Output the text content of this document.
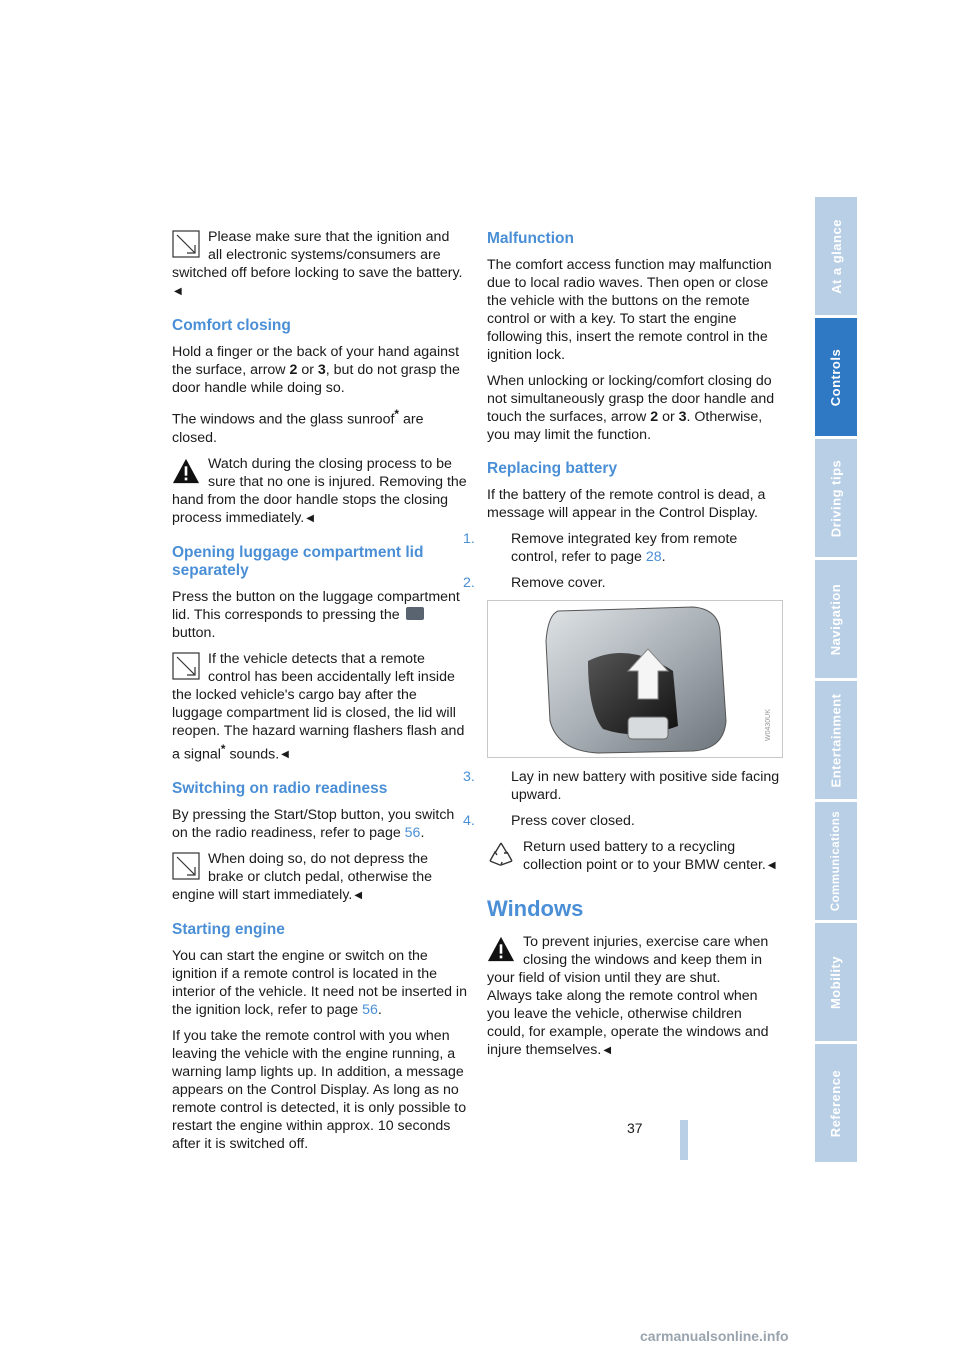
Please make sure that the ignition and all electronic systems/consumers are switched off before locking to save the battery.◀
Comfort closing

Hold a finger or the back of your hand against the surface, arrow 2 or 3, but do not grasp the door handle while doing so.

The windows and the glass sunroof* are closed.

Watch during the closing process to be sure that no one is injured. Removing the hand from the door handle stops the closing process immediately. ◀
Opening luggage compartment lid separately

Press the button on the luggage compartment lid. This corresponds to pressing the  button.

If the vehicle detects that a remote control has been accidentally left inside the locked vehicle's cargo bay after the luggage compartment lid is closed, the lid will reopen. The hazard warning flashers flash and a signal* sounds. ◀
Switching on radio readiness

By pressing the Start/Stop button, you switch on the radio readiness, refer to page 56.

When doing so, do not depress the brake or clutch pedal, otherwise the engine will start immediately. ◀
Starting engine

You can start the engine or switch on the ignition if a remote control is located in the interior of the vehicle. It need not be inserted in the ignition lock, refer to page 56.

If you take the remote control with you when leaving the vehicle with the engine running, a warning lamp lights up. In addition, a message appears on the Control Display. As long as no remote control is detected, it is only possible to restart the engine within approx. 10 seconds after it is switched off.

Malfunction

The comfort access function may malfunction due to local radio waves. Then open or close the vehicle with the buttons on the remote control or with a key. To start the engine following this, insert the remote control in the ignition lock.

When unlocking or locking/comfort closing do not simultaneously grasp the door handle and touch the surfaces, arrow 2 or 3. Otherwise, you may limit the function.

Replacing battery

If the battery of the remote control is dead, a message will appear in the Control Display.

1.	Remove integrated key from remote control, refer to page 28.

2.	Remove cover.

W0430UK

3.	Lay in new battery with positive side facing upward.

4.	Press cover closed.

Return used battery to a recycling collection point or to your BMW center. ◀
Windows
To prevent injuries, exercise care when closing the windows and keep them in your field of vision until they are shut.
Always take along the remote control when you leave the vehicle, otherwise children could, for example, operate the windows and injure themselves. ◀
At a glance
Controls
Driving tips
Navigation
Entertainment
Communications
Mobility
Reference
37
carmanualsonline.info
